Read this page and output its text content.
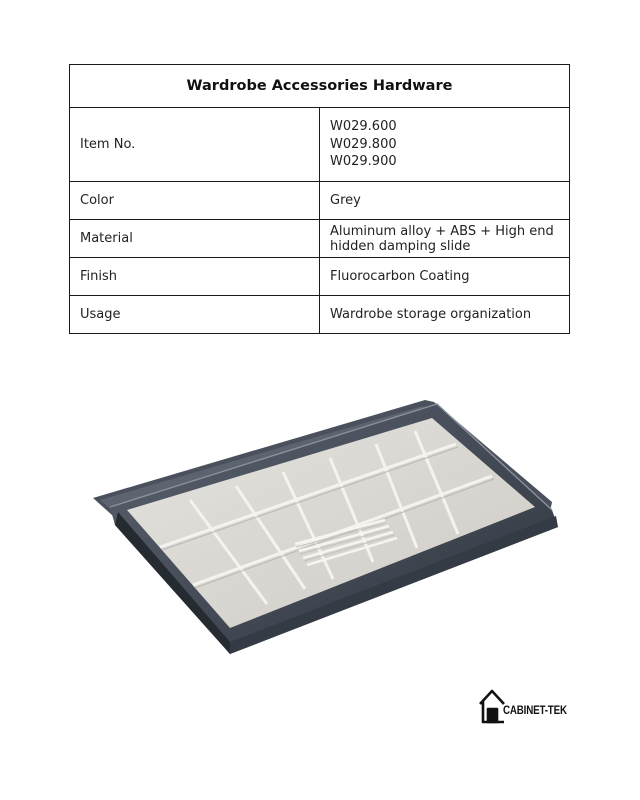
Wardrobe Accessories Hardware	
Item No.	W029.600
W029.800
W029.900

Color	Grey
Material	Aluminum alloy + ABS + High end hidden damping slide
Finish	Fluorocarbon Coating
Usage	Wardrobe storage organization
CABINET-TEK
